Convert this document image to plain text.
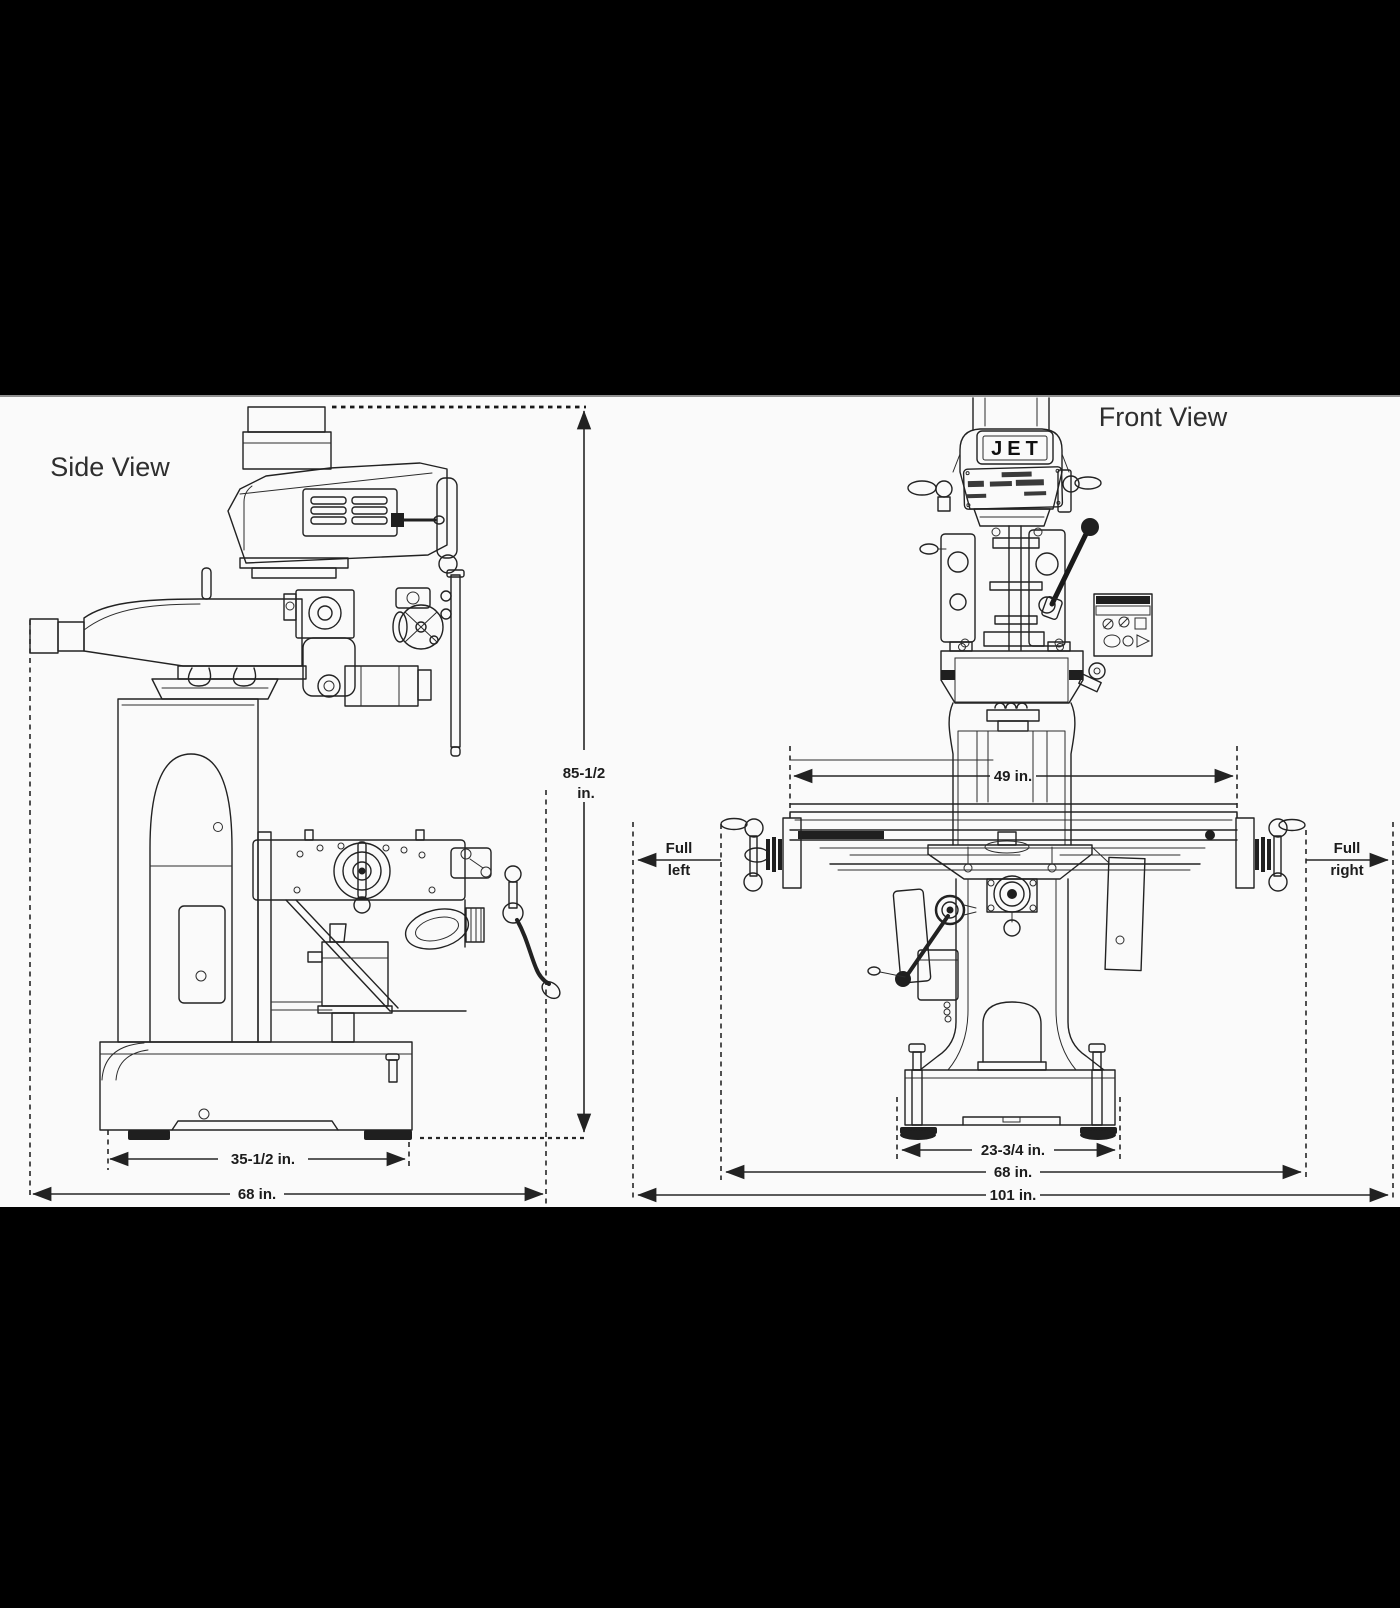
85-1/2
in.
35-1/2 in.
68 in.
Side View
JET
49 in.
Full
left
Full
right
23-3/4 in.
68 in.
101 in.
Front View
